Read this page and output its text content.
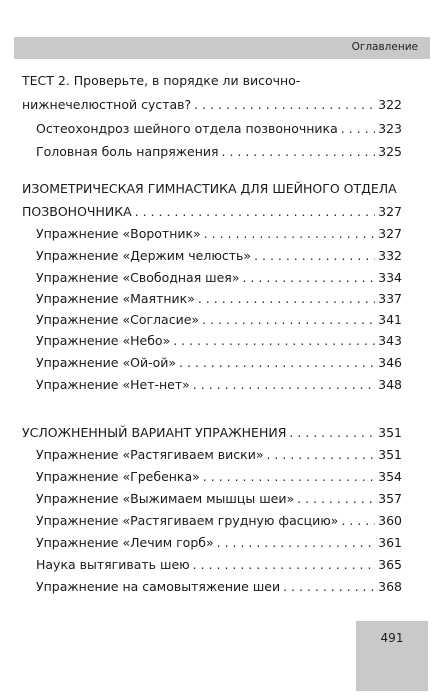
Оглавление
ТЕСТ 2. Проверьте, в порядке ли височно-
нижнечелюстной сустав? . . .	322
Остеохондроз шейного отдела позвоночника . . .	323
Головная боль напряжения . . .	325
ИЗОМЕТРИЧЕСКАЯ ГИМНАСТИКА ДЛЯ ШЕЙНОГО ОТДЕЛА
ПОЗВОНОЧНИКА . . .	327
Упражнение «Воротник» . . .	327
Упражнение «Держим челюсть» . . .	332
Упражнение «Свободная шея» . . .	334
Упражнение «Маятник» . . .	337
Упражнение «Согласие» . . .	341
Упражнение «Небо» . . .	343
Упражнение «Ой-ой» . . .	346
Упражнение «Нет-нет» . . .	348
УСЛОЖНЕННЫЙ ВАРИАНТ УПРАЖНЕНИЯ . . .	351
Упражнение «Растягиваем виски» . . .	351
Упражнение «Гребенка» . . .	354
Упражнение «Выжимаем мышцы шеи» . . .	357
Упражнение «Растягиваем грудную фасцию» . . .	360
Упражнение «Лечим горб» . . .	361
Наука вытягивать шею . . .	365
Упражнение на самовытяжение шеи . . .	368
491
